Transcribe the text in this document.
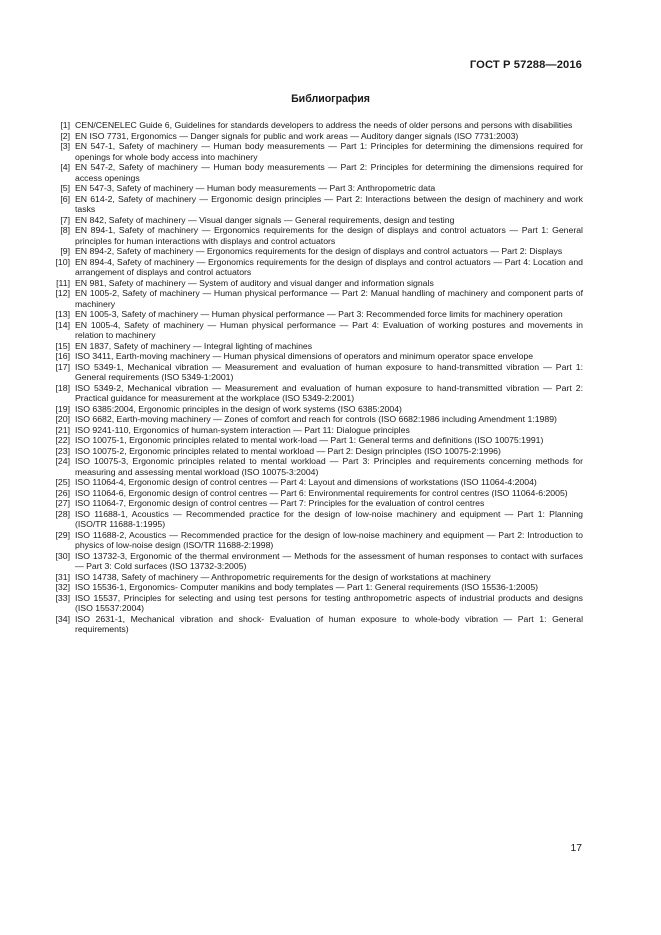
ГОСТ Р 57288—2016
Библиография
[1] CEN/CENELEC Guide 6, Guidelines for standards developers to address the needs of older persons and persons with disabilities
[2] EN ISO 7731, Ergonomics — Danger signals for public and work areas — Auditory danger signals (ISO 7731:2003)
[3] EN 547-1, Safety of machinery — Human body measurements — Part 1: Principles for determining the dimensions required for openings for whole body access into machinery
[4] EN 547-2, Safety of machinery — Human body measurements — Part 2: Principles for determining the dimensions required for access openings
[5] EN 547-3, Safety of machinery — Human body measurements — Part 3: Anthropometric data
[6] EN 614-2, Safety of machinery — Ergonomic design principles — Part 2: Interactions between the design of machinery and work tasks
[7] EN 842, Safety of machinery — Visual danger signals — General requirements, design and testing
[8] EN 894-1, Safety of machinery — Ergonomics requirements for the design of displays and control actuators — Part 1: General principles for human interactions with displays and control actuators
[9] EN 894-2, Safety of machinery — Ergonomics requirements for the design of displays and control actuators — Part 2: Displays
[10] EN 894-4, Safety of machinery — Ergonomics requirements for the design of displays and control actuators — Part 4: Location and arrangement of displays and control actuators
[11] EN 981, Safety of machinery — System of auditory and visual danger and information signals
[12] EN 1005-2, Safety of machinery — Human physical performance — Part 2: Manual handling of machinery and component parts of machinery
[13] EN 1005-3, Safety of machinery — Human physical performance — Part 3: Recommended force limits for machinery operation
[14] EN 1005-4, Safety of machinery — Human physical performance — Part 4: Evaluation of working postures and movements in relation to machinery
[15] EN 1837, Safety of machinery — Integral lighting of machines
[16] ISO 3411, Earth-moving machinery — Human physical dimensions of operators and minimum operator space envelope
[17] ISO 5349-1, Mechanical vibration — Measurement and evaluation of human exposure to hand-transmitted vibration — Part 1: General requirements (ISO 5349-1:2001)
[18] ISO 5349-2, Mechanical vibration — Measurement and evaluation of human exposure to hand-transmitted vibration — Part 2: Practical guidance for measurement at the workplace (ISO 5349-2:2001)
[19] ISO 6385:2004, Ergonomic principles in the design of work systems (ISO 6385:2004)
[20] ISO 6682, Earth-moving machinery — Zones of comfort and reach for controls (ISO 6682:1986 including Amendment 1:1989)
[21] ISO 9241-110, Ergonomics of human-system interaction — Part 11: Dialogue principles
[22] ISO 10075-1, Ergonomic principles related to mental work-load — Part 1: General terms and definitions (ISO 10075:1991)
[23] ISO 10075-2, Ergonomic principles related to mental workload — Part 2: Design principles (ISO 10075-2:1996)
[24] ISO 10075-3, Ergonomic principles related to mental workload — Part 3: Principles and requirements concerning methods for measuring and assessing mental workload (ISO 10075-3:2004)
[25] ISO 11064-4, Ergonomic design of control centres — Part 4: Layout and dimensions of workstations (ISO 11064-4:2004)
[26] ISO 11064-6, Ergonomic design of control centres — Part 6: Environmental requirements for control centres (ISO 11064-6:2005)
[27] ISO 11064-7, Ergonomic design of control centres — Part 7: Principles for the evaluation of control centres
[28] ISO 11688-1, Acoustics — Recommended practice for the design of low-noise machinery and equipment — Part 1: Planning (ISO/TR 11688-1:1995)
[29] ISO 11688-2, Acoustics — Recommended practice for the design of low-noise machinery and equipment — Part 2: Introduction to physics of low-noise design (ISO/TR 11688-2:1998)
[30] ISO 13732-3, Ergonomic of the thermal environment — Methods for the assessment of human responses to contact with surfaces — Part 3: Cold surfaces (ISO 13732-3:2005)
[31] ISO 14738, Safety of machinery — Anthropometric requirements for the design of workstations at machinery
[32] ISO 15536-1, Ergonomics- Computer manikins and body templates — Part 1: General requirements (ISO 15536-1:2005)
[33] ISO 15537, Principles for selecting and using test persons for testing anthropometric aspects of industrial products and designs (ISO 15537:2004)
[34] ISO 2631-1, Mechanical vibration and shock- Evaluation of human exposure to whole-body vibration — Part 1: General requirements)
17
